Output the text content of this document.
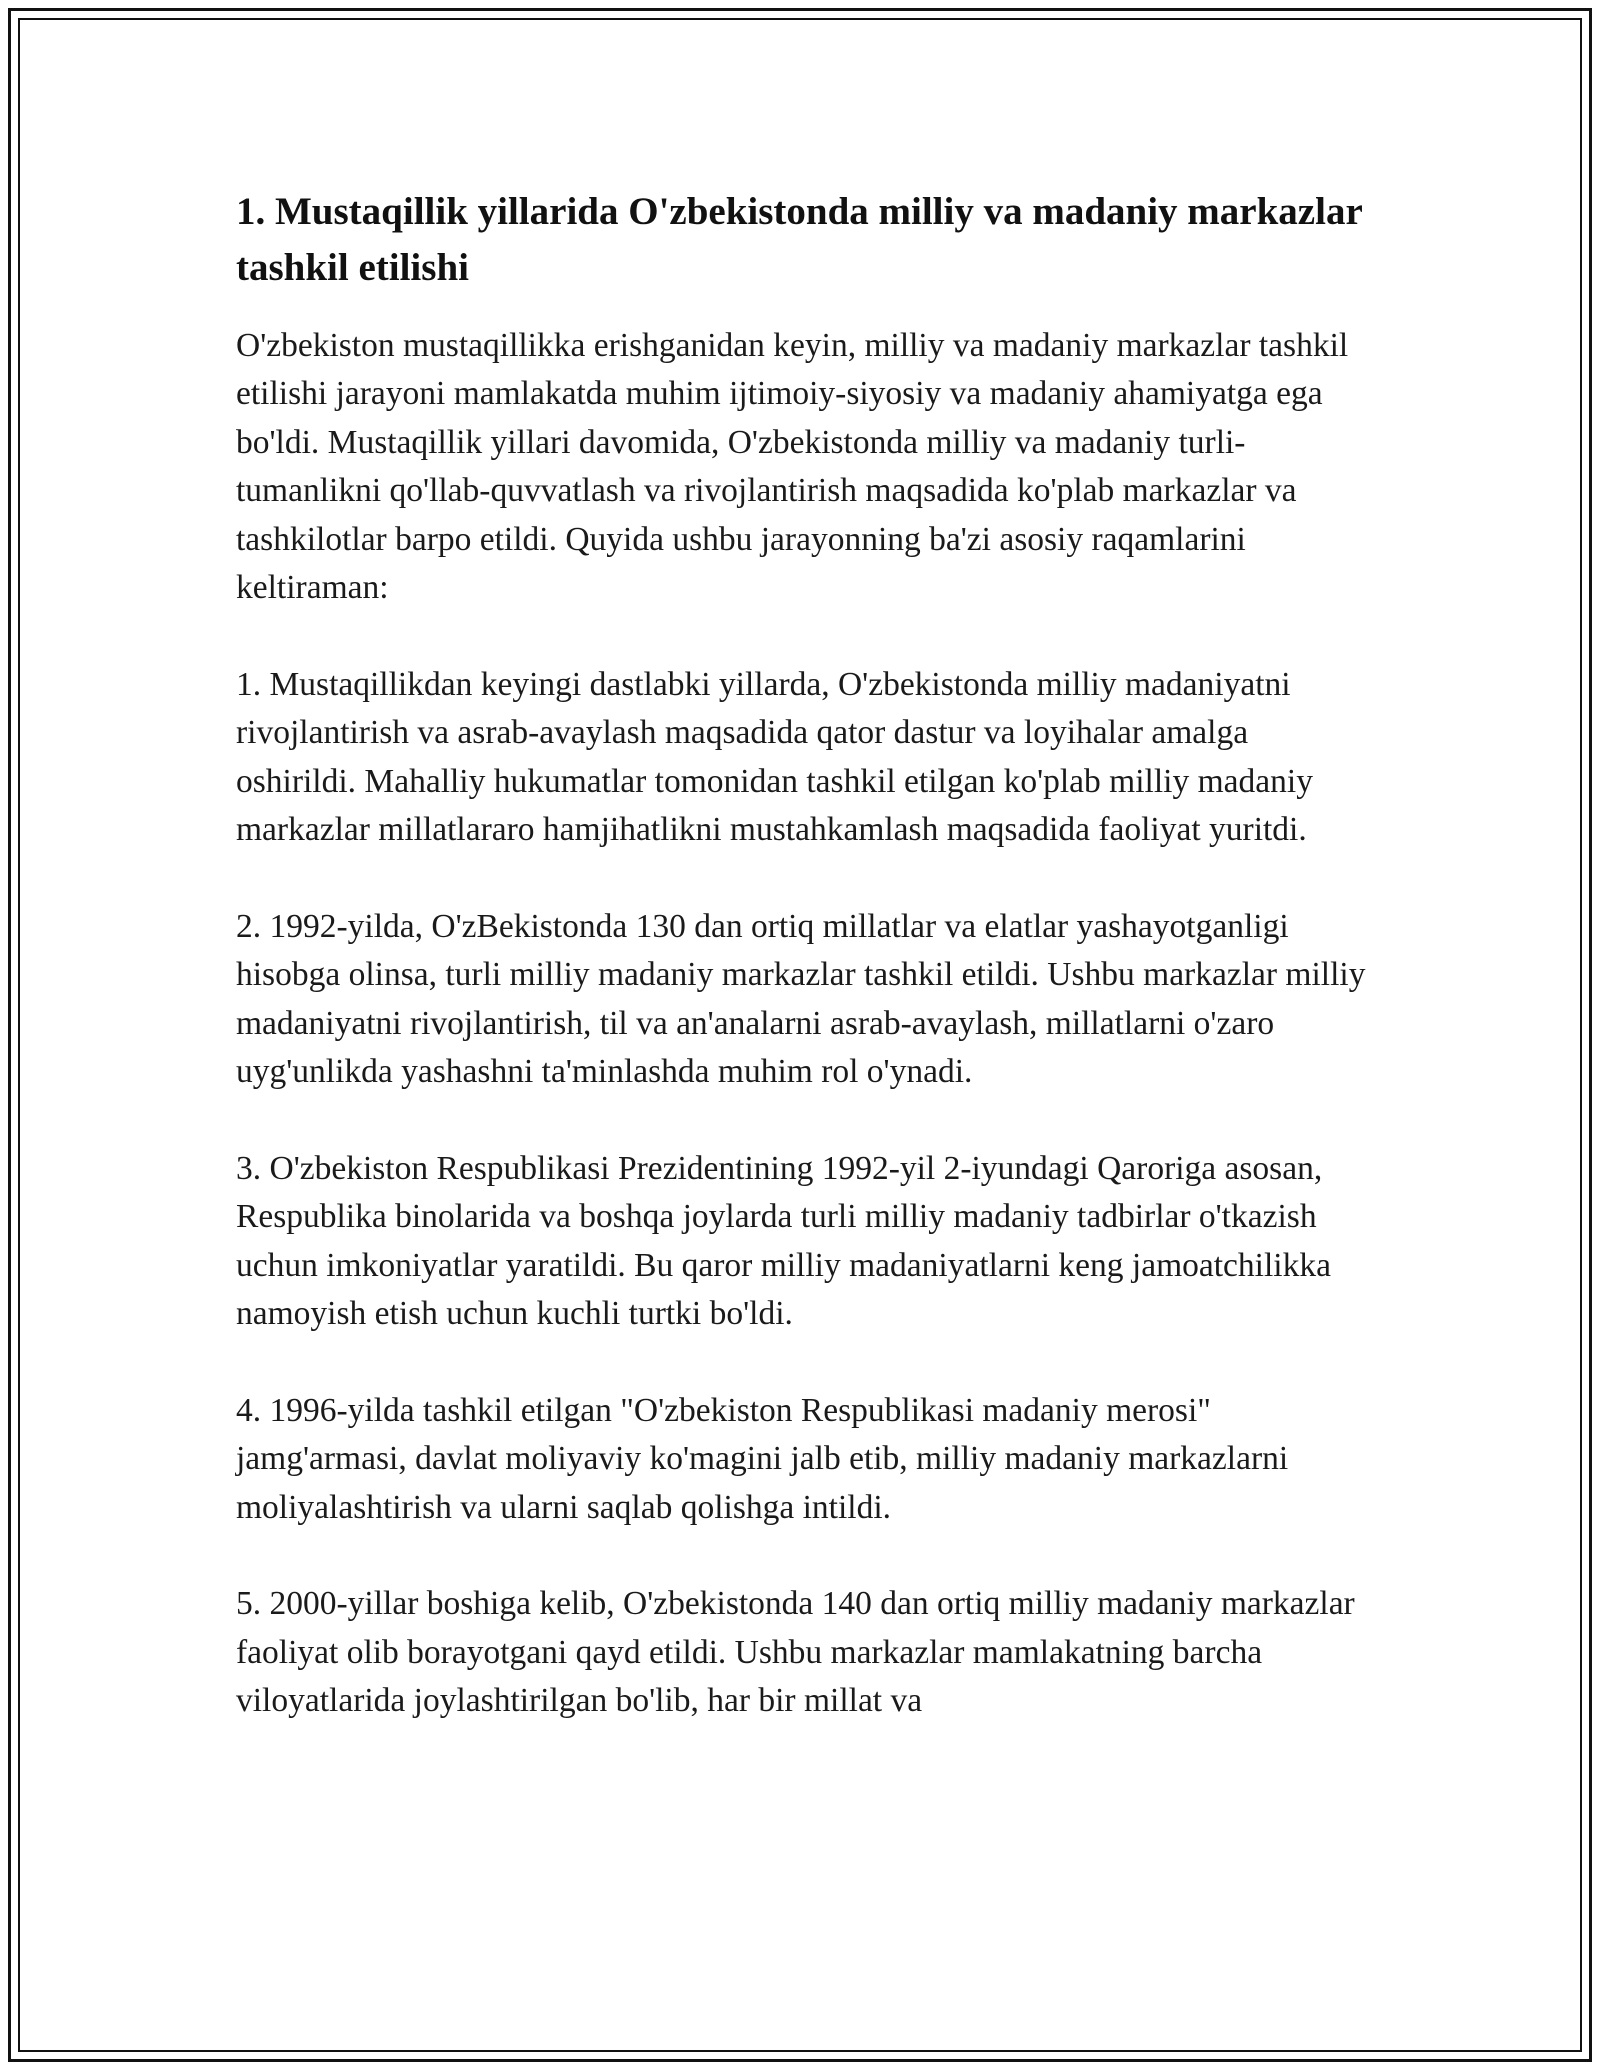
1. Mustaqillik yillarida O'zbekistonda milliy va madaniy markazlar tashkil etilishi

O'zbekiston mustaqillikka erishganidan keyin, milliy va madaniy markazlar tashkil etilishi jarayoni mamlakatda muhim ijtimoiy-siyosiy va madaniy ahamiyatga ega bo'ldi. Mustaqillik yillari davomida, O'zbekistonda milliy va madaniy turli-tumanlikni qo'llab-quvvatlash va rivojlantirish maqsadida ko'plab markazlar va tashkilotlar barpo etildi. Quyida ushbu jarayonning ba'zi asosiy raqamlarini keltiraman:

1. Mustaqillikdan keyingi dastlabki yillarda, O'zbekistonda milliy madaniyatni rivojlantirish va asrab-avaylash maqsadida qator dastur va loyihalar amalga oshirildi. Mahalliy hukumatlar tomonidan tashkil etilgan ko'plab milliy madaniy markazlar millatlararo hamjihatlikni mustahkamlash maqsadida faoliyat yuritdi.

2. 1992-yilda, O'zBekistonda 130 dan ortiq millatlar va elatlar yashayotganligi hisobga olinsa, turli milliy madaniy markazlar tashkil etildi. Ushbu markazlar milliy madaniyatni rivojlantirish, til va an'analarni asrab-avaylash, millatlarni o'zaro uyg'unlikda yashashni ta'minlashda muhim rol o'ynadi.

3. O'zbekiston Respublikasi Prezidentining 1992-yil 2-iyundagi Qaroriga asosan, Respublika binolarida va boshqa joylarda turli milliy madaniy tadbirlar o'tkazish uchun imkoniyatlar yaratildi. Bu qaror milliy madaniyatlarni keng jamoatchilikka namoyish etish uchun kuchli turtki bo'ldi.

4. 1996-yilda tashkil etilgan "O'zbekiston Respublikasi madaniy merosi" jamg'armasi, davlat moliyaviy ko'magini jalb etib, milliy madaniy markazlarni moliyalashtirish va ularni saqlab qolishga intildi.

5. 2000-yillar boshiga kelib, O'zbekistonda 140 dan ortiq milliy madaniy markazlar faoliyat olib borayotgani qayd etildi. Ushbu markazlar mamlakatning barcha viloyatlarida joylashtirilgan bo'lib, har bir millat va
